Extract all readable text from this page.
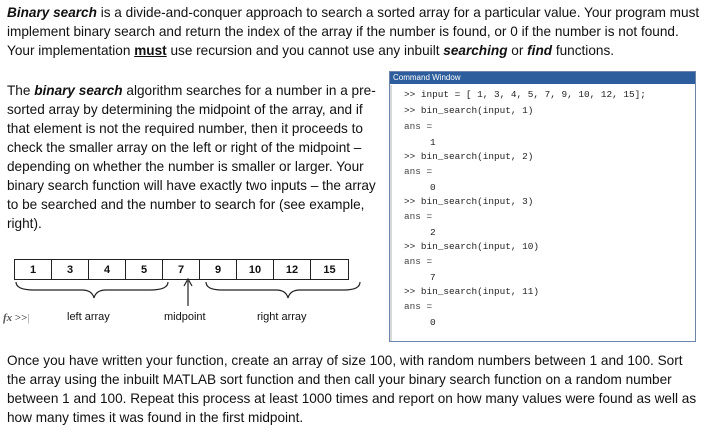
Binary search is a divide-and-conquer approach to search a sorted array for a particular value. Your program must implement binary search and return the index of the array if the number is found, or 0 if the number is not found. Your implementation must use recursion and you cannot use any inbuilt searching or find functions.

The binary search algorithm searches for a number in a pre-sorted array by determining the midpoint of the array, and if that element is not the required number, then it proceeds to check the smaller array on the left or right of the midpoint – depending on whether the number is smaller or larger. Your binary search function will have exactly two inputs – the array to be searched and the number to search for (see example, right).

1	3	4	5	7	9	10	12	15
left array	midpoint	right array
Command Window
>> input = [ 1, 3, 4, 5, 7, 9, 10, 12, 15];
>> bin_search(input, 1)
ans =
1
>> bin_search(input, 2)
ans =
0
>> bin_search(input, 3)
ans =
2
>> bin_search(input, 10)
ans =
7
>> bin_search(input, 11)
ans =
0
fx >>|

Once you have written your function, create an array of size 100, with random numbers between 1 and 100. Sort the array using the inbuilt MATLAB sort function and then call your binary search function on a random number between 1 and 100. Repeat this process at least 1000 times and report on how many values were found as well as how many times it was found in the first midpoint.
